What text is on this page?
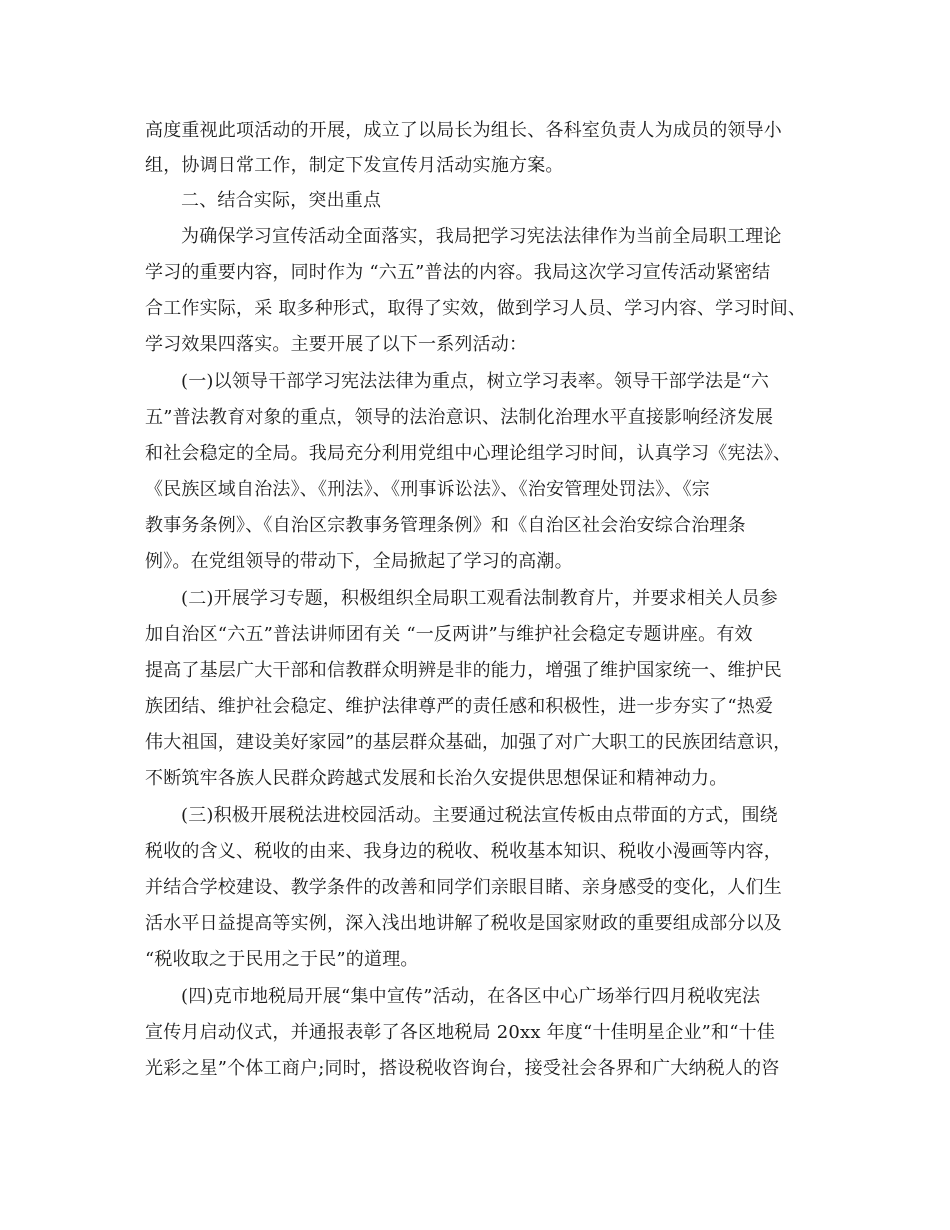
高度重视此项活动的开展，成立了以局长为组长、各科室负责人为成员的领导小
组，协调日常工作，制定下发宣传月活动实施方案。
二、结合实际，突出重点
为确保学习宣传活动全面落实，我局把学习宪法法律作为当前全局职工理论
学习的重要内容，同时作为 “六五”普法的内容。我局这次学习宣传活动紧密结
合工作实际，采 取多种形式，取得了实效，做到学习人员、学习内容、学习时间、
学习效果四落实。主要开展了以下一系列活动：
(一)以领导干部学习宪法法律为重点，树立学习表率。领导干部学法是“六
五”普法教育对象的重点，领导的法治意识、法制化治理水平直接影响经济发展
和社会稳定的全局。我局充分利用党组中心理论组学习时间，认真学习《宪法》、
《民族区域自治法》、《刑法》、《刑事诉讼法》、《治安管理处罚法》、《宗
教事务条例》、《自治区宗教事务管理条例》和《自治区社会治安综合治理条
例》。在党组领导的带动下，全局掀起了学习的高潮。
(二)开展学习专题，积极组织全局职工观看法制教育片，并要求相关人员参
加自治区“六五”普法讲师团有关 “一反两讲”与维护社会稳定专题讲座。有效
提高了基层广大干部和信教群众明辨是非的能力，增强了维护国家统一、维护民
族团结、维护社会稳定、维护法律尊严的责任感和积极性，进一步夯实了“热爱
伟大祖国，建设美好家园”的基层群众基础，加强了对广大职工的民族团结意识，
不断筑牢各族人民群众跨越式发展和长治久安提供思想保证和精神动力。
(三)积极开展税法进校园活动。主要通过税法宣传板由点带面的方式，围绕
税收的含义、税收的由来、我身边的税收、税收基本知识、税收小漫画等内容，
并结合学校建设、教学条件的改善和同学们亲眼目睹、亲身感受的变化，人们生
活水平日益提高等实例，深入浅出地讲解了税收是国家财政的重要组成部分以及
“税收取之于民用之于民”的道理。
(四)克市地税局开展“集中宣传”活动，在各区中心广场举行四月税收宪法
宣传月启动仪式，并通报表彰了各区地税局 20xx 年度“十佳明星企业”和“十佳
光彩之星”个体工商户;同时，搭设税收咨询台，接受社会各界和广大纳税人的咨
